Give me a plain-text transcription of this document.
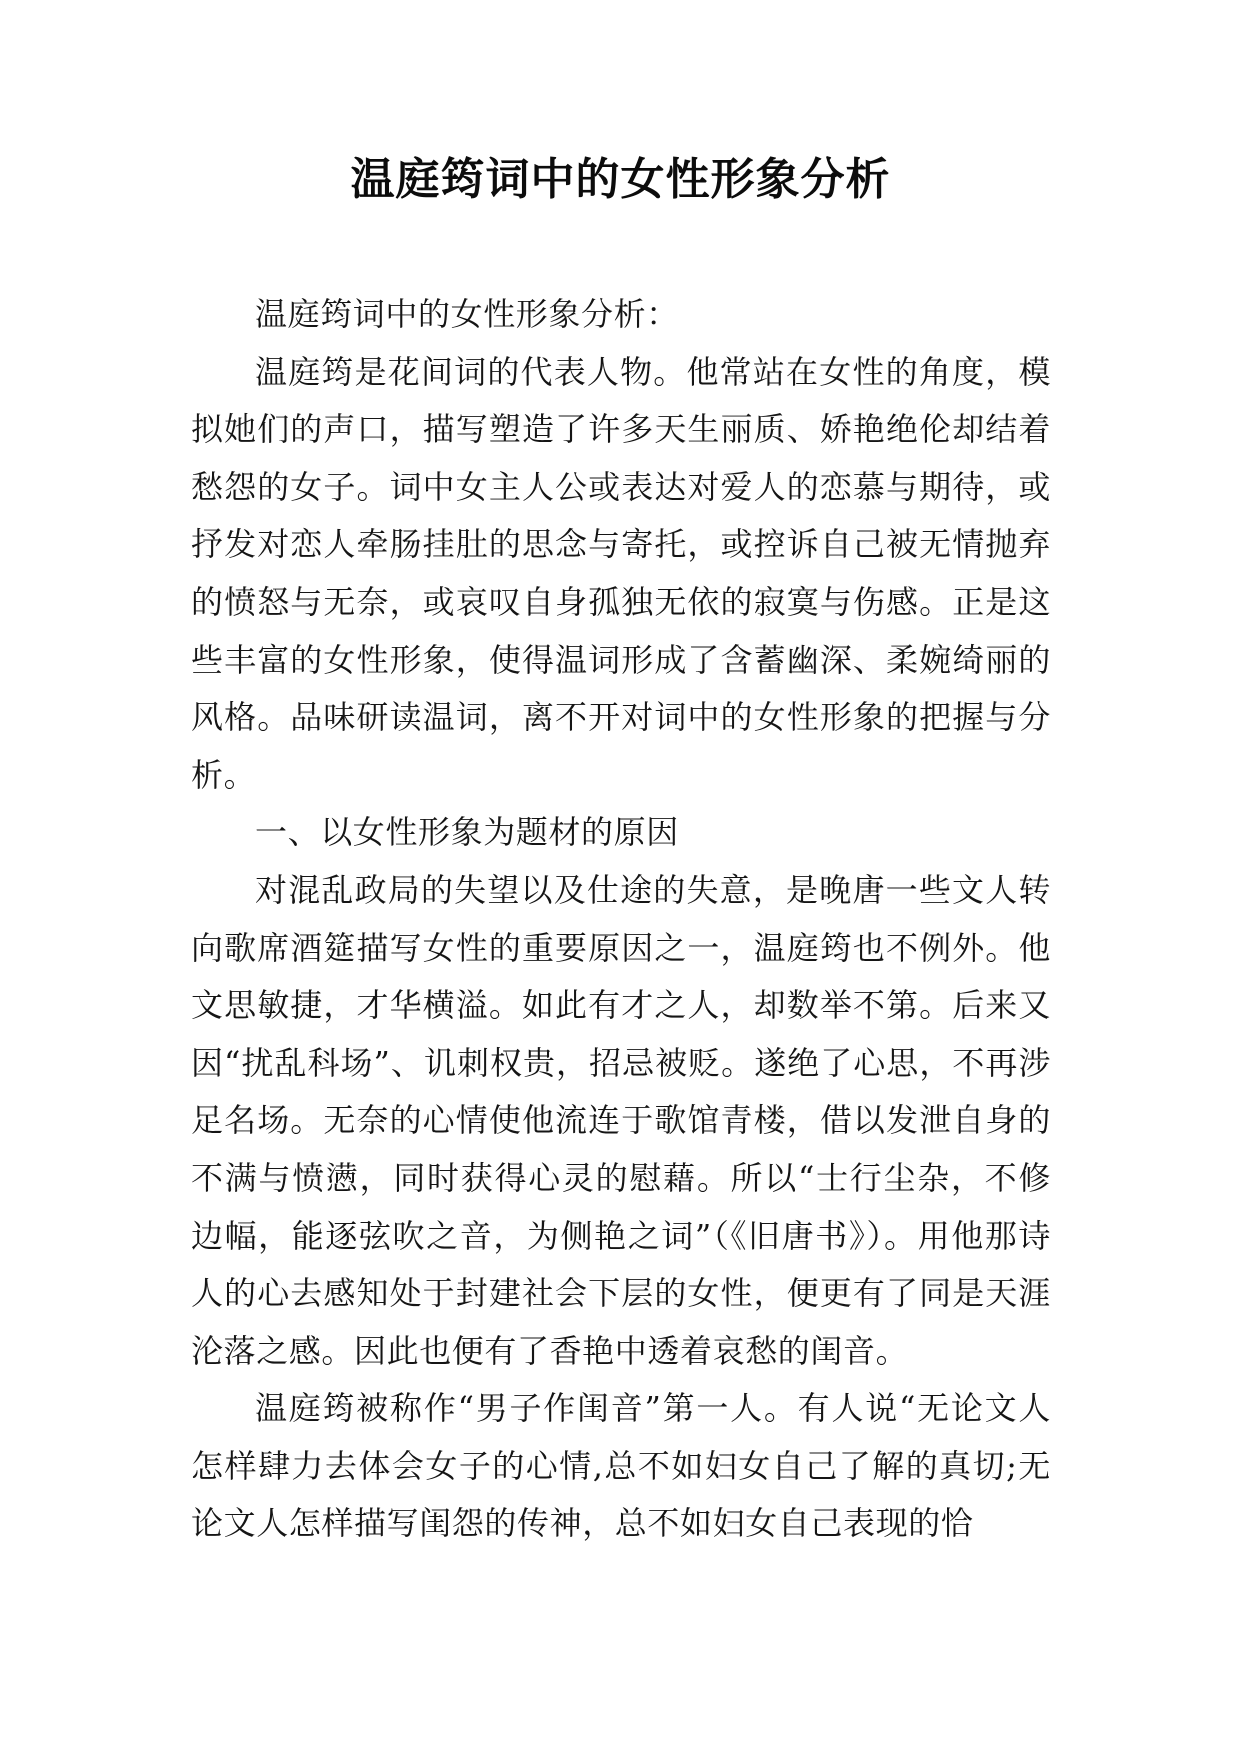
温庭筠词中的女性形象分析

温庭筠词中的女性形象分析：

温庭筠是花间词的代表人物。他常站在女性的角度，模拟她们的声口，描写塑造了许多天生丽质、娇艳绝伦却结着愁怨的女子。词中女主人公或表达对爱人的恋慕与期待，或抒发对恋人牵肠挂肚的思念与寄托，或控诉自己被无情抛弃的愤怒与无奈，或哀叹自身孤独无依的寂寞与伤感。正是这些丰富的女性形象，使得温词形成了含蓄幽深、柔婉绮丽的风格。品味研读温词，离不开对词中的女性形象的把握与分析。

一、以女性形象为题材的原因

对混乱政局的失望以及仕途的失意，是晚唐一些文人转向歌席酒筵描写女性的重要原因之一，温庭筠也不例外。他文思敏捷，才华横溢。如此有才之人，却数举不第。后来又因“扰乱科场”、讥刺权贵，招忌被贬。遂绝了心思，不再涉足名场。无奈的心情使他流连于歌馆青楼，借以发泄自身的不满与愤懑，同时获得心灵的慰藉。所以“士行尘杂，不修边幅，能逐弦吹之音，为侧艳之词”（《旧唐书》）。用他那诗人的心去感知处于封建社会下层的女性，便更有了同是天涯沦落之感。因此也便有了香艳中透着哀愁的闺音。

温庭筠被称作“男子作闺音”第一人。有人说“无论文人怎样肆力去体会女子的心情,总不如妇女自己了解的真切;无论文人怎样描写闺怨的传神，总不如妇女自己表现的恰
